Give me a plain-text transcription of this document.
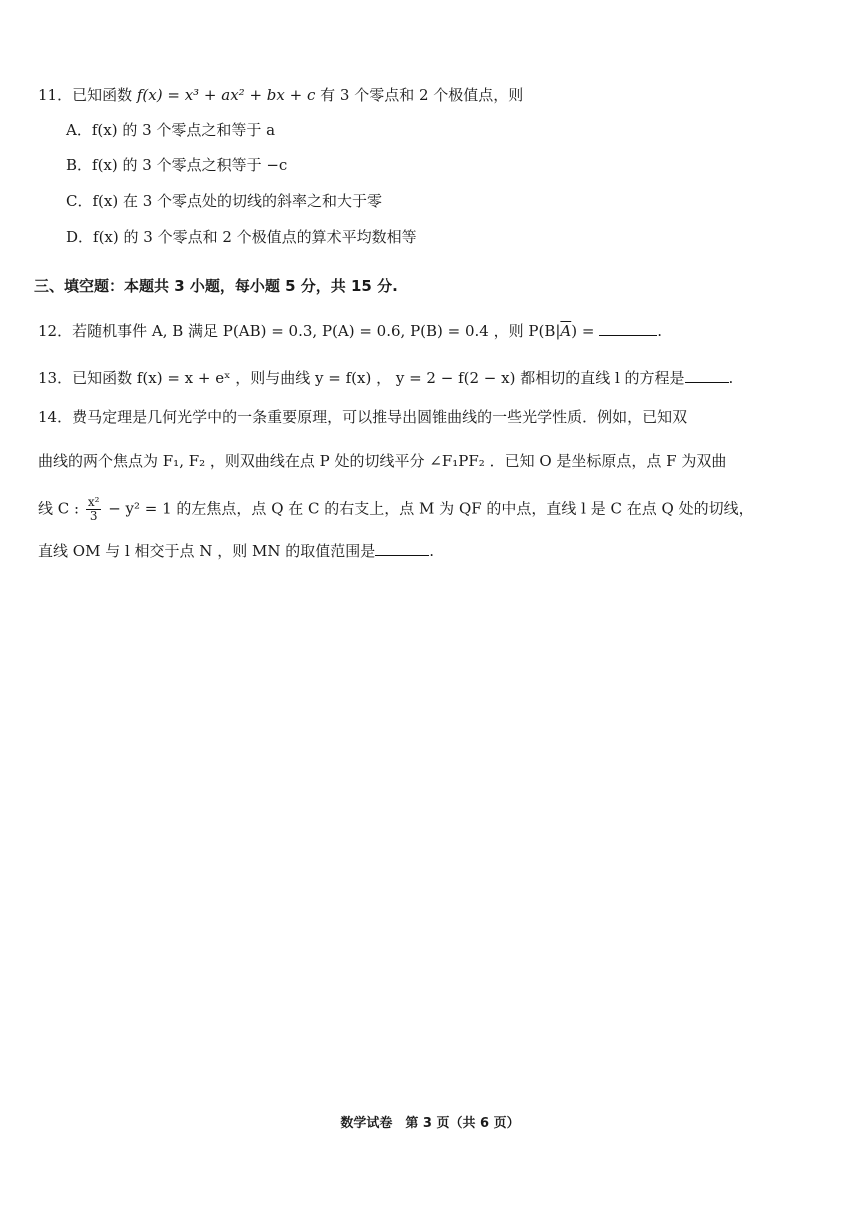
11．已知函数 f(x) = x³ + ax² + bx + c 有 3 个零点和 2 个极值点，则
A．f(x) 的 3 个零点之和等于 a
B．f(x) 的 3 个零点之积等于 −c
C．f(x) 在 3 个零点处的切线的斜率之和大于零
D．f(x) 的 3 个零点和 2 个极值点的算术平均数相等
三、填空题：本题共 3 小题，每小题 5 分，共 15 分.
12．若随机事件 A, B 满足 P(AB) = 0.3, P(A) = 0.6, P(B) = 0.4 ，则 $P(B|\overline{A})$ =	.
13．已知函数 f(x) = x + eˣ ，则与曲线 y = f(x) ， y = 2 − f(2 − x) 都相切的直线 l 的方程是	.
14．费马定理是几何光学中的一条重要原理，可以推导出圆锥曲线的一些光学性质．例如，已知双
曲线的两个焦点为 F₁, F₂ ，则双曲线在点 P 处的切线平分 ∠F₁PF₂ ．已知 O 是坐标原点，点 F 为双曲
线 C : $\frac{\text{x²}}{3} - y^2 = 1$ 的左焦点，点 Q 在 C 的右支上，点 M 为 QF 的中点，直线 l 是 C 在点 Q 处的切线，
直线 OM 与 l 相交于点 N ，则 MN 的取值范围是	.
数学试卷　第 3 页（共 6 页）
